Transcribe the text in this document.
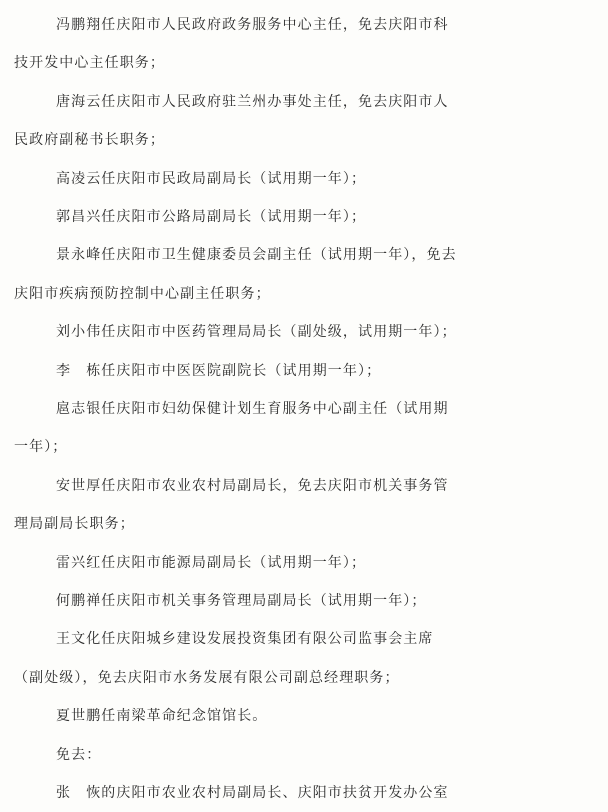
冯鹏翔任庆阳市人民政府政务服务中心主任，免去庆阳市科
技开发中心主任职务；
唐海云任庆阳市人民政府驻兰州办事处主任，免去庆阳市人
民政府副秘书长职务；
高凌云任庆阳市民政局副局长（试用期一年）；
郭昌兴任庆阳市公路局副局长（试用期一年）；
景永峰任庆阳市卫生健康委员会副主任（试用期一年），免去
庆阳市疾病预防控制中心副主任职务；
刘小伟任庆阳市中医药管理局局长（副处级，试用期一年）；
李　栋任庆阳市中医医院副院长（试用期一年）；
扈志银任庆阳市妇幼保健计划生育服务中心副主任（试用期
一年）；
安世厚任庆阳市农业农村局副局长，免去庆阳市机关事务管
理局副局长职务；
雷兴红任庆阳市能源局副局长（试用期一年）；
何鹏禅任庆阳市机关事务管理局副局长（试用期一年）；
王文化任庆阳城乡建设发展投资集团有限公司监事会主席
（副处级），免去庆阳市水务发展有限公司副总经理职务；
夏世鹏任南梁革命纪念馆馆长。
免去：
张　恢的庆阳市农业农村局副局长、庆阳市扶贫开发办公室
